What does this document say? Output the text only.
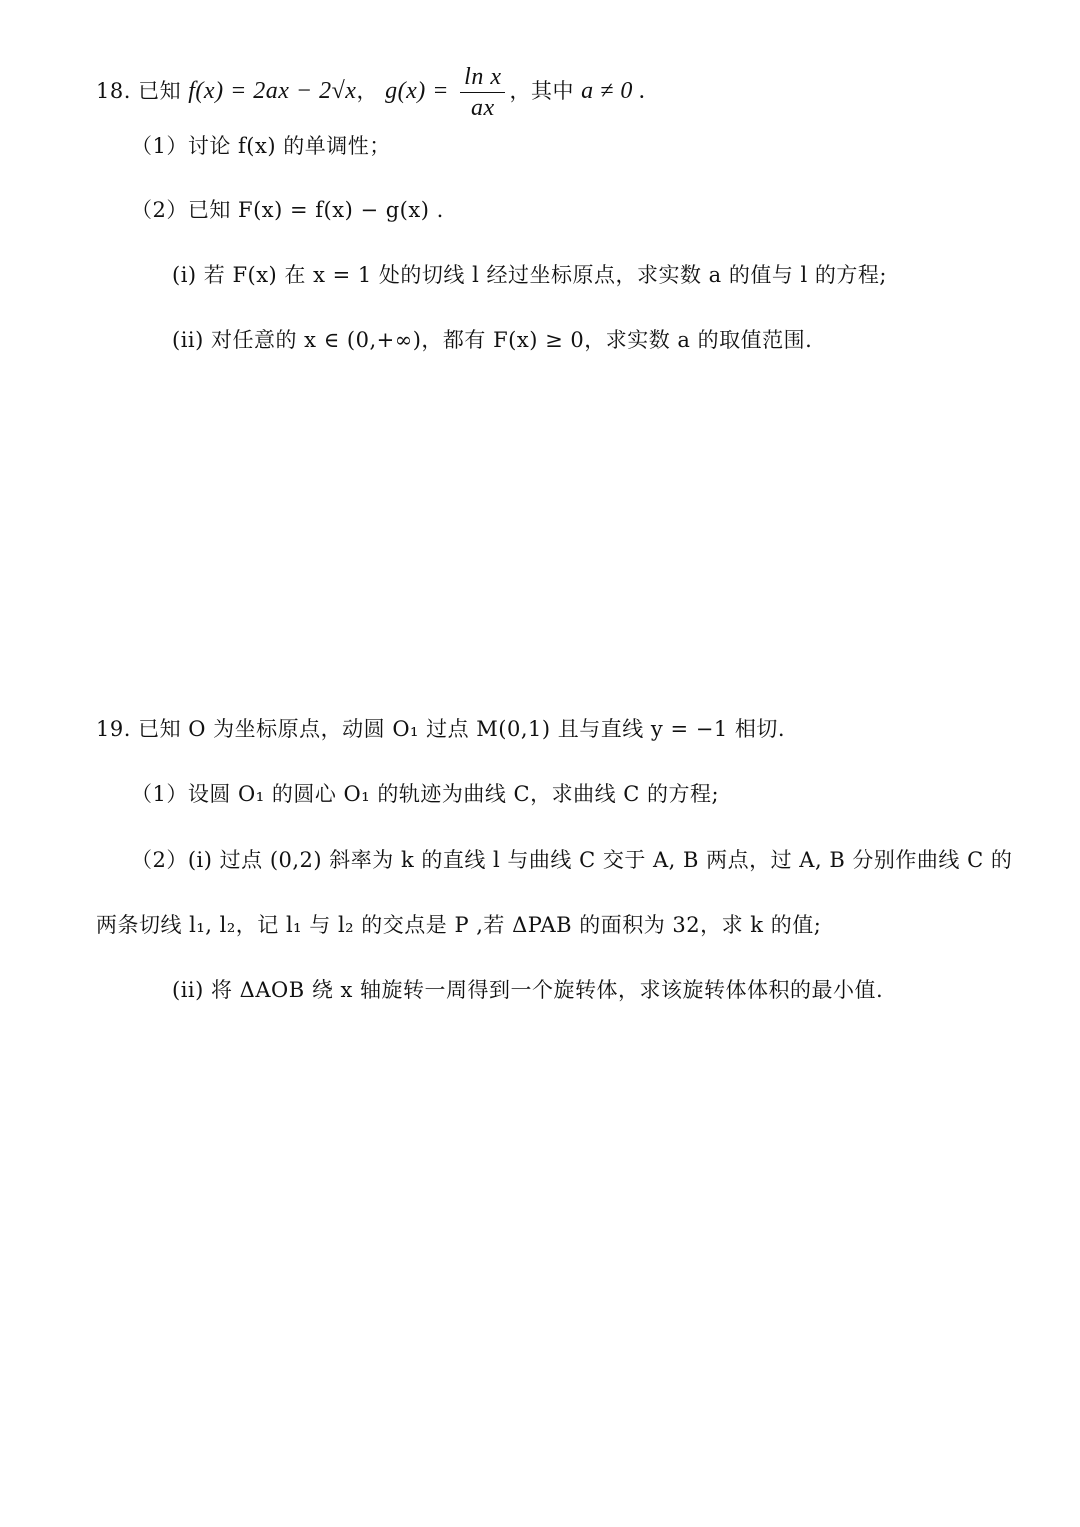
18. 已知 f(x) = 2ax − 2√x， $g(x) = \frac{\text{ln x}}{ax}$ ，其中 a ≠ 0 .
（1）讨论 f(x) 的单调性；
（2）已知 F(x) = f(x) − g(x) .
(i) 若 F(x) 在 x = 1 处的切线 l 经过坐标原点，求实数 a 的值与 l 的方程;
(ii) 对任意的 x ∈ (0,+∞)，都有 F(x) ≥ 0，求实数 a 的取值范围.
19. 已知 O 为坐标原点，动圆 O₁ 过点 M(0,1) 且与直线 y = −1 相切.
（1）设圆 O₁ 的圆心 O₁ 的轨迹为曲线 C，求曲线 C 的方程;
（2）(i) 过点 (0,2) 斜率为 k 的直线 l 与曲线 C 交于 A, B 两点，过 A, B 分别作曲线 C 的
两条切线 l₁, l₂，记 l₁ 与 l₂ 的交点是 P ,若 ΔPAB 的面积为 32，求 k 的值;
(ii) 将 ΔAOB 绕 x 轴旋转一周得到一个旋转体，求该旋转体体积的最小值.
